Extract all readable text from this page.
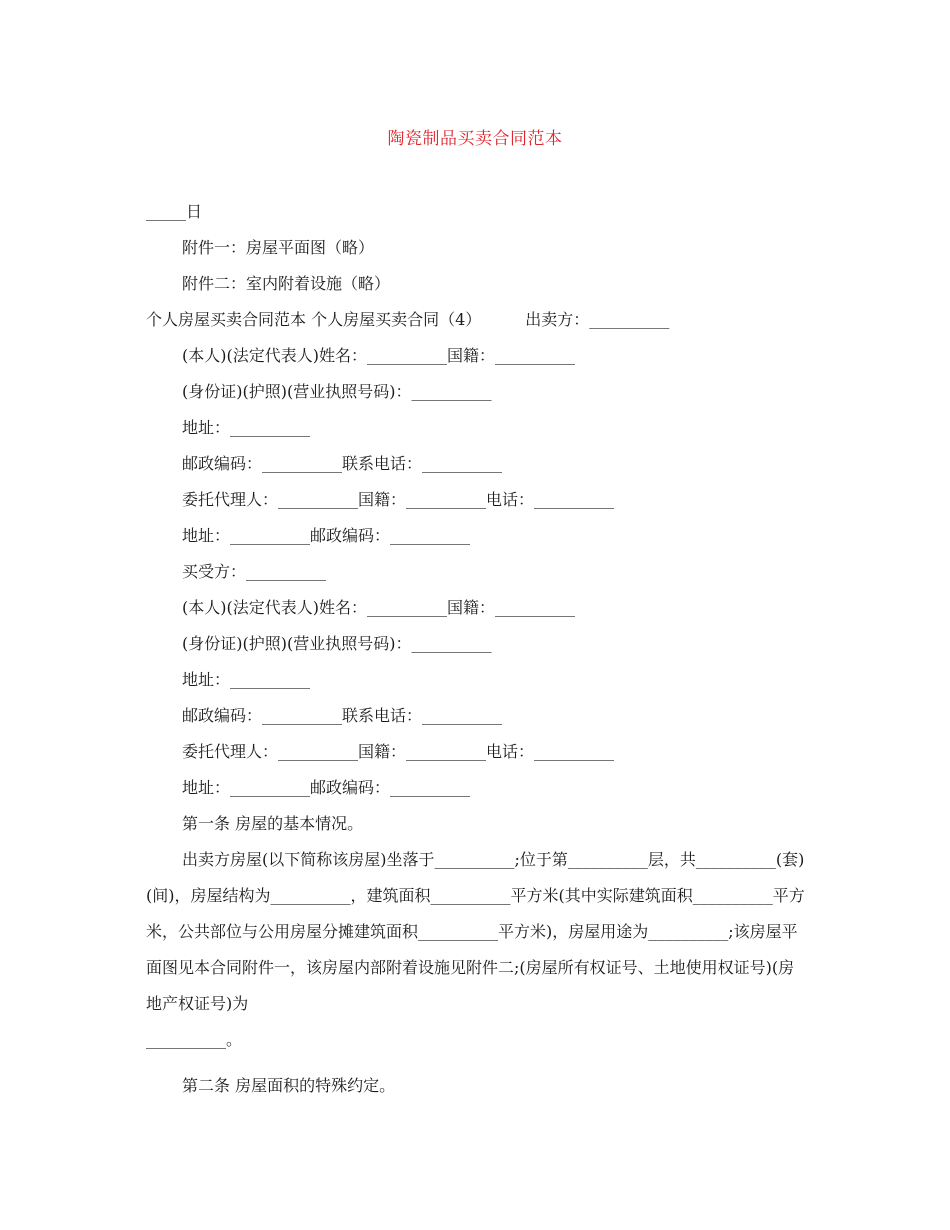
陶瓷制品买卖合同范本
_____日
附件一：房屋平面图（略）
附件二：室内附着设施（略）
个人房屋买卖合同范本 个人房屋买卖合同（4）	出卖方：__________
(本人)(法定代表人)姓名：__________国籍：__________
(身份证)(护照)(营业执照号码)：__________
地址：__________
邮政编码：__________联系电话：__________
委托代理人：__________国籍：__________电话：__________
地址：__________邮政编码：__________
买受方：__________
(本人)(法定代表人)姓名：__________国籍：__________
(身份证)(护照)(营业执照号码)：__________
地址：__________
邮政编码：__________联系电话：__________
委托代理人：__________国籍：__________电话：__________
地址：__________邮政编码：__________
第一条 房屋的基本情况。
出卖方房屋(以下简称该房屋)坐落于__________;位于第__________层，共__________(套)(间)，房屋结构为__________，建筑面积__________平方米(其中实际建筑面积__________平方米，公共部位与公用房屋分摊建筑面积__________平方米)，房屋用途为__________;该房屋平面图见本合同附件一，该房屋内部附着设施见附件二;(房屋所有权证号、土地使用权证号)(房地产权证号)为
__________。
第二条 房屋面积的特殊约定。
